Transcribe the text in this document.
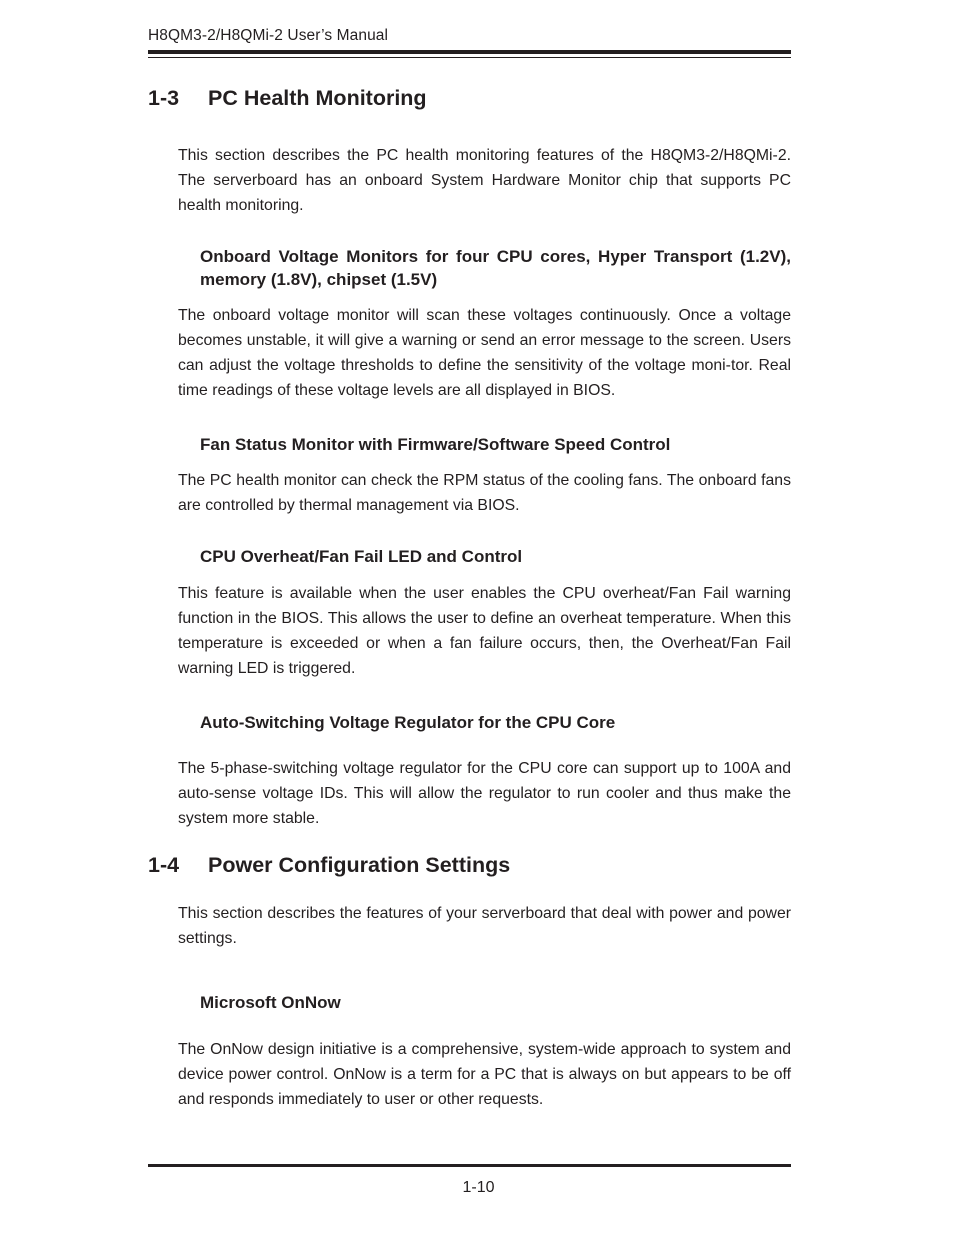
H8QM3-2/H8QMi-2 User’s Manual
1-3 PC Health Monitoring

This section describes the PC health monitoring features of the H8QM3-2/H8QMi-2. The serverboard has an onboard System Hardware Monitor chip that supports PC health monitoring.

Onboard Voltage Monitors for four CPU cores, Hyper Transport (1.2V), memory (1.8V), chipset (1.5V)

The onboard voltage monitor will scan these voltages continuously. Once a voltage becomes unstable, it will give a warning or send an error message to the screen. Users can adjust the voltage thresholds to define the sensitivity of the voltage moni-tor. Real time readings of these voltage levels are all displayed in BIOS.

Fan Status Monitor with Firmware/Software Speed Control

The PC health monitor can check the RPM status of the cooling fans. The onboard fans are controlled by thermal management via BIOS.

CPU Overheat/Fan Fail LED and Control

This feature is available when the user enables the CPU overheat/Fan Fail warning function in the BIOS. This allows the user to define an overheat temperature. When this temperature is exceeded or when a fan failure occurs, then, the Overheat/Fan Fail warning LED is triggered.

Auto-Switching Voltage Regulator for the CPU Core

The 5-phase-switching voltage regulator for the CPU core can support up to 100A and auto-sense voltage IDs. This will allow the regulator to run cooler and thus make the system more stable.

1-4 Power Configuration Settings

This section describes the features of your serverboard that deal with power and power settings.

Microsoft OnNow

The OnNow design initiative is a comprehensive, system-wide approach to system and device power control. OnNow is a term for a PC that is always on but appears to be off and responds immediately to user or other requests.

1-10
